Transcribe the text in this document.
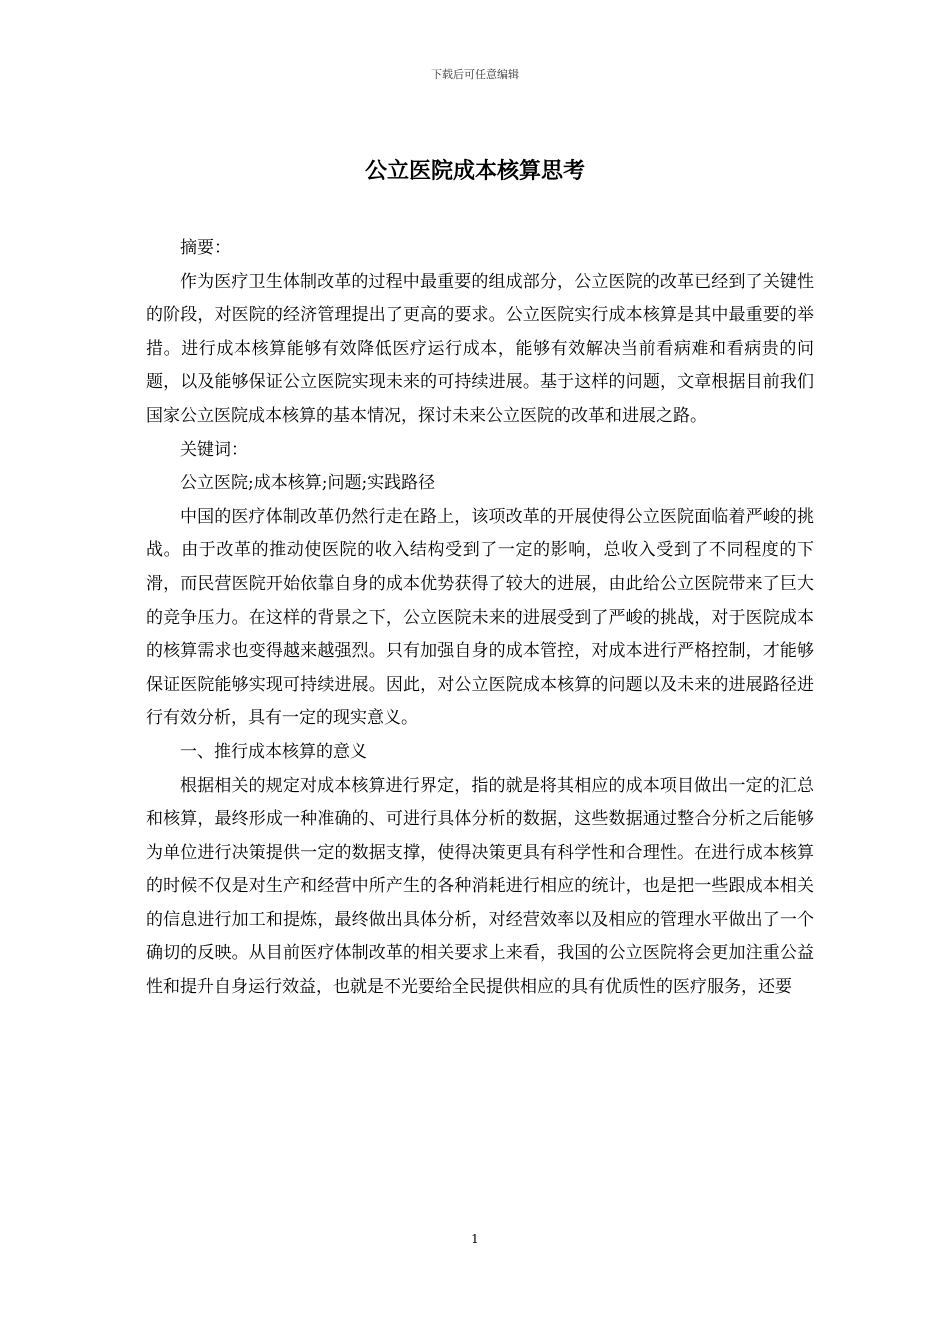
下载后可任意编辑
公立医院成本核算思考

摘要：

作为医疗卫生体制改革的过程中最重要的组成部分，公立医院的改革已经到了关键性的阶段，对医院的经济管理提出了更高的要求。公立医院实行成本核算是其中最重要的举措。进行成本核算能够有效降低医疗运行成本，能够有效解决当前看病难和看病贵的问题，以及能够保证公立医院实现未来的可持续进展。基于这样的问题，文章根据目前我们国家公立医院成本核算的基本情况，探讨未来公立医院的改革和进展之路。

关键词：

公立医院;成本核算;问题;实践路径

中国的医疗体制改革仍然行走在路上，该项改革的开展使得公立医院面临着严峻的挑战。由于改革的推动使医院的收入结构受到了一定的影响，总收入受到了不同程度的下滑，而民营医院开始依靠自身的成本优势获得了较大的进展，由此给公立医院带来了巨大的竞争压力。在这样的背景之下，公立医院未来的进展受到了严峻的挑战，对于医院成本的核算需求也变得越来越强烈。只有加强自身的成本管控，对成本进行严格控制，才能够保证医院能够实现可持续进展。因此，对公立医院成本核算的问题以及未来的进展路径进行有效分析，具有一定的现实意义。

一、推行成本核算的意义

根据相关的规定对成本核算进行界定，指的就是将其相应的成本项目做出一定的汇总和核算，最终形成一种准确的、可进行具体分析的数据，这些数据通过整合分析之后能够为单位进行决策提供一定的数据支撑，使得决策更具有科学性和合理性。在进行成本核算的时候不仅是对生产和经营中所产生的各种消耗进行相应的统计，也是把一些跟成本相关的信息进行加工和提炼，最终做出具体分析，对经营效率以及相应的管理水平做出了一个确切的反映。从目前医疗体制改革的相关要求上来看，我国的公立医院将会更加注重公益性和提升自身运行效益，也就是不光要给全民提供相应的具有优质性的医疗服务，还要

1
